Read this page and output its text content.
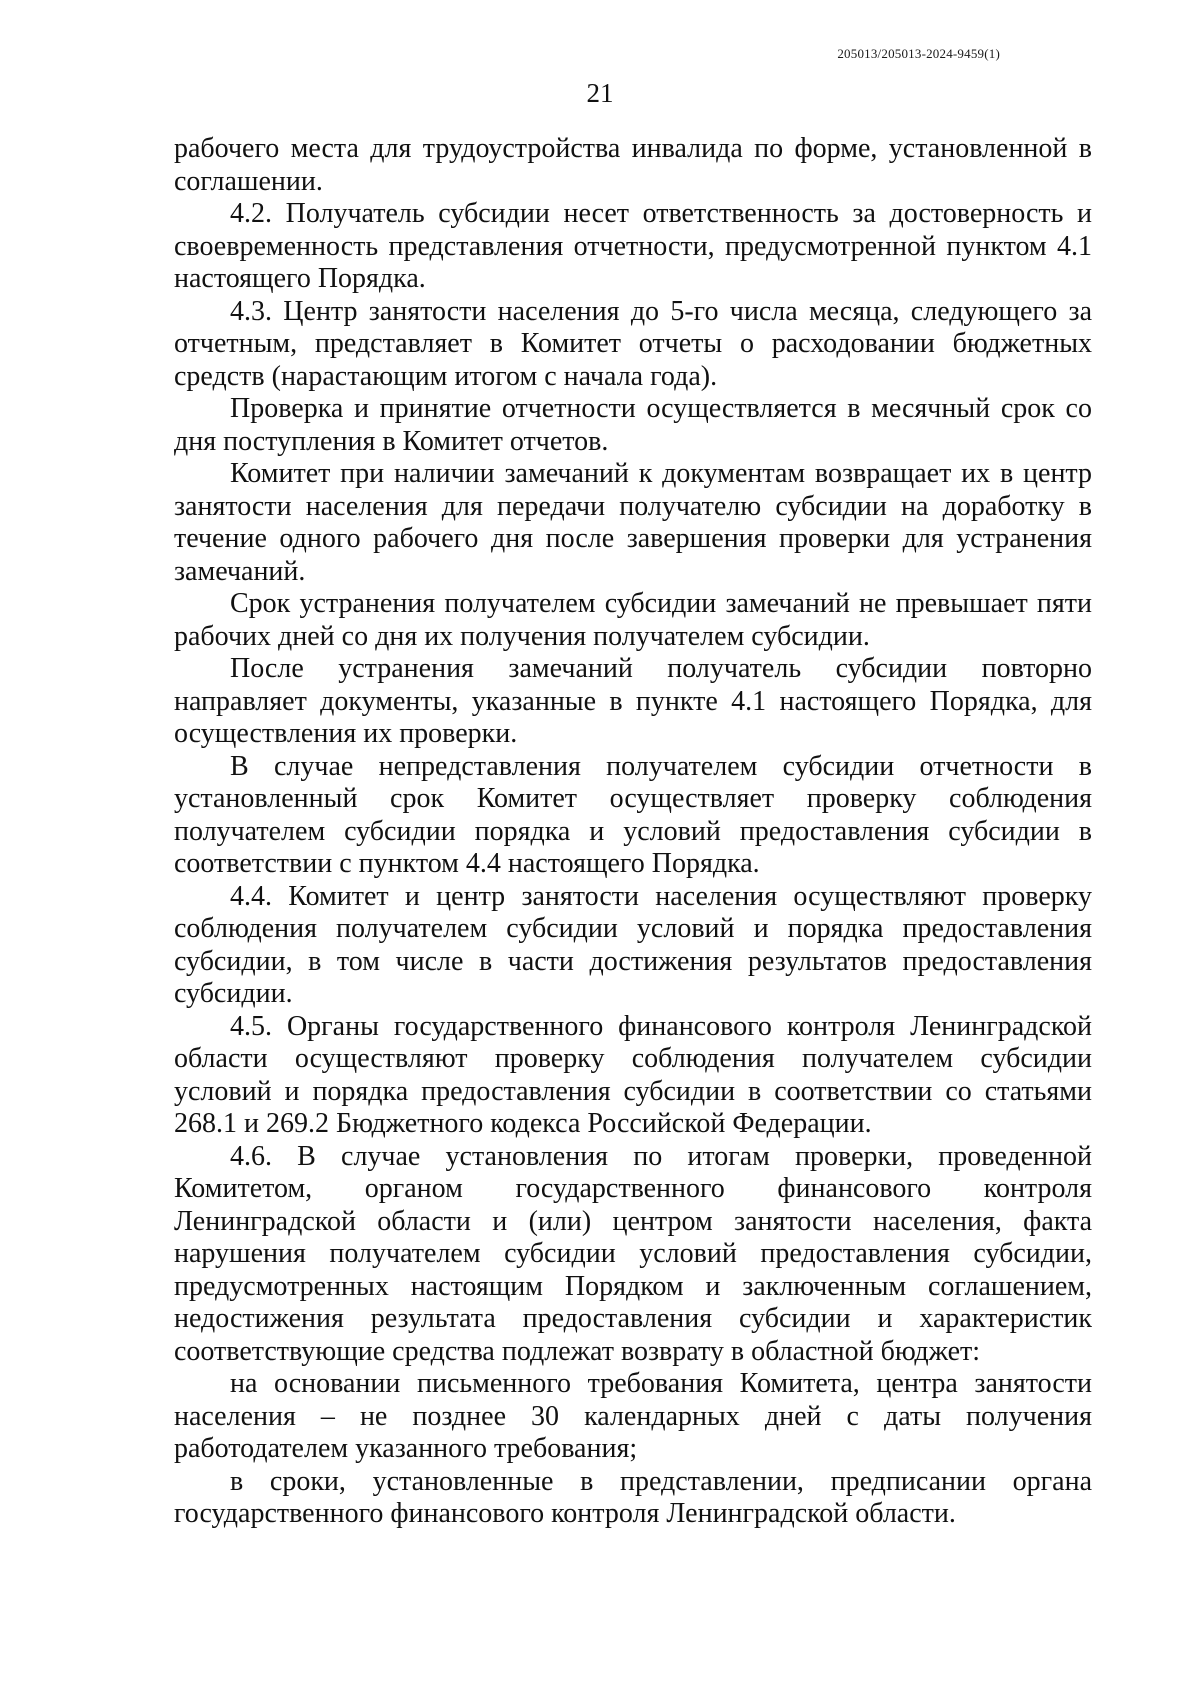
205013/205013-2024-9459(1)
21

рабочего места для трудоустройства инвалида по форме, установленной в соглашении.

4.2. Получатель субсидии несет ответственность за достоверность и своевременность представления отчетности, предусмотренной пунктом 4.1 настоящего Порядка.

4.3. Центр занятости населения до 5-го числа месяца, следующего за отчетным, представляет в Комитет отчеты о расходовании бюджетных средств (нарастающим итогом с начала года).

Проверка и принятие отчетности осуществляется в месячный срок со дня поступления в Комитет отчетов.

Комитет при наличии замечаний к документам возвращает их в центр занятости населения для передачи получателю субсидии на доработку в течение одного рабочего дня после завершения проверки для устранения замечаний.

Срок устранения получателем субсидии замечаний не превышает пяти рабочих дней со дня их получения получателем субсидии.

После устранения замечаний получатель субсидии повторно направляет документы, указанные в пункте 4.1 настоящего Порядка, для осуществления их проверки.

В случае непредставления получателем субсидии отчетности в установленный срок Комитет осуществляет проверку соблюдения получателем субсидии порядка и условий предоставления субсидии в соответствии с пунктом 4.4 настоящего Порядка.

4.4. Комитет и центр занятости населения осуществляют проверку соблюдения получателем субсидии условий и порядка предоставления субсидии, в том числе в части достижения результатов предоставления субсидии.

4.5. Органы государственного финансового контроля Ленинградской области осуществляют проверку соблюдения получателем субсидии условий и порядка предоставления субсидии в соответствии со статьями 268.1 и 269.2 Бюджетного кодекса Российской Федерации.

4.6. В случае установления по итогам проверки, проведенной Комитетом, органом государственного финансового контроля Ленинградской области и (или) центром занятости населения, факта нарушения получателем субсидии условий предоставления субсидии, предусмотренных настоящим Порядком и заключенным соглашением, недостижения результата предоставления субсидии и характеристик соответствующие средства подлежат возврату в областной бюджет:

на основании письменного требования Комитета, центра занятости населения – не позднее 30 календарных дней с даты получения работодателем указанного требования;

в сроки, установленные в представлении, предписании органа государственного финансового контроля Ленинградской области.
